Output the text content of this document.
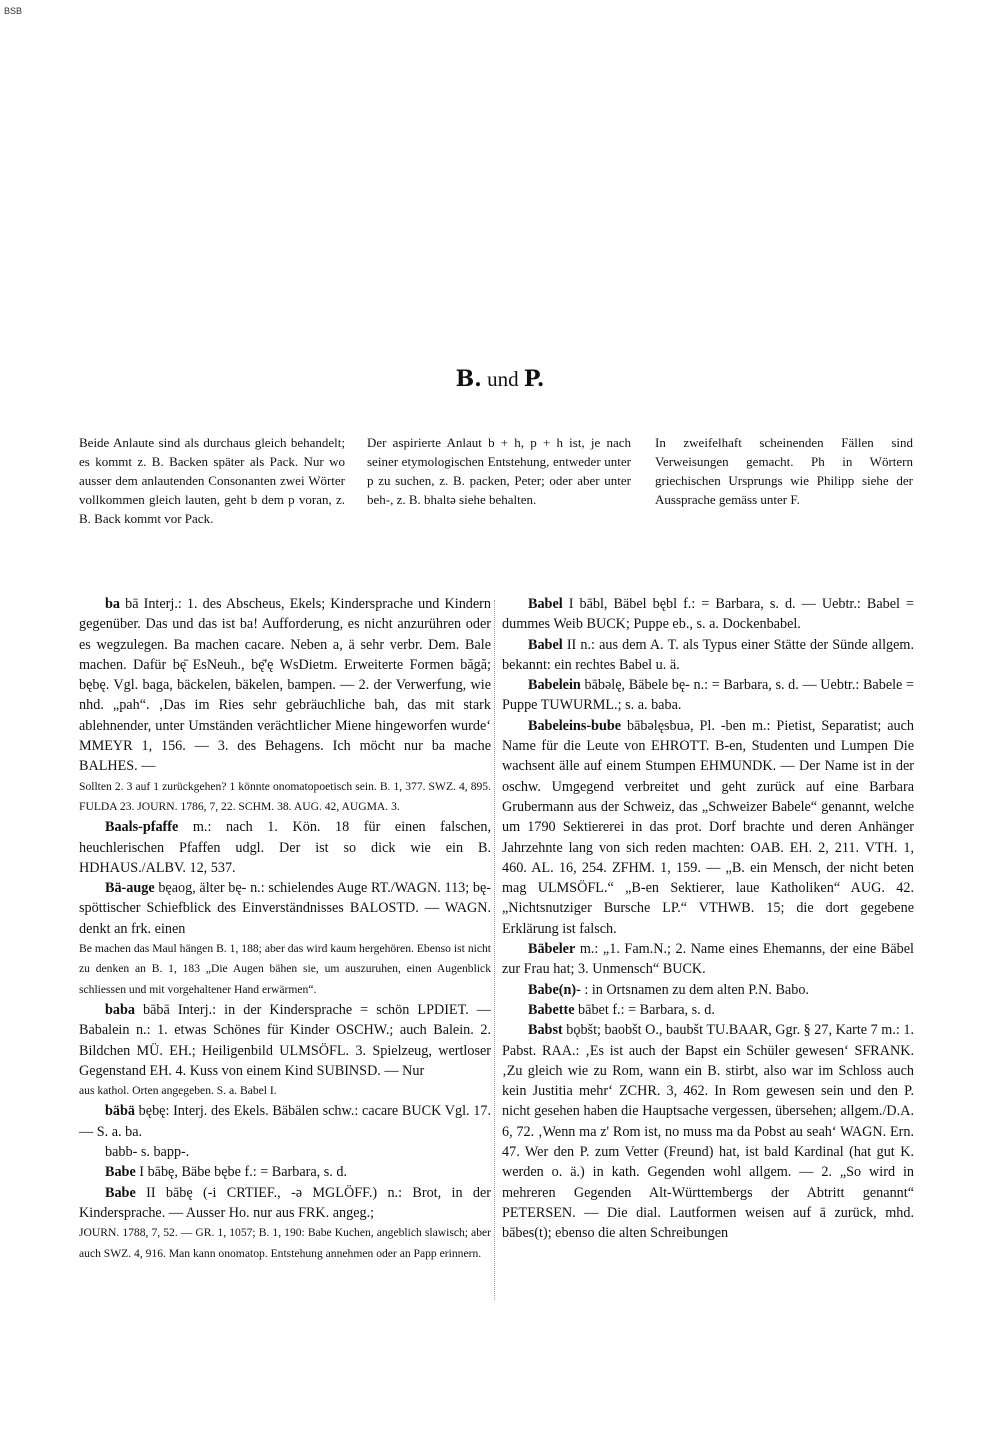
BSB
B. und P.

Beide Anlaute sind als durchaus gleich behandelt; es kommt z. B. Backen später als Pack. Nur wo ausser dem anlautenden Consonanten zwei Wörter vollkommen gleich lauten, geht b dem p voran, z. B. Back kommt vor Pack.

Der aspirierte Anlaut b + h, p + h ist, je nach seiner etymologischen Entstehung, entweder unter p zu suchen, z. B. packen, Peter; oder aber unter beh-, z. B. bhaltə siehe behalten.

In zweifelhaft scheinenden Fällen sind Verweisungen gemacht. Ph in Wörtern griechischen Ursprungs wie Philipp siehe der Aussprache gemäss unter F.

ba bā Interj.: 1. des Abscheus, Ekels; Kindersprache und Kindern gegenüber. Das und das ist ba! Aufforderung, es nicht anzurühren oder es wegzulegen. Ba machen cacare. Neben a, ä sehr verbr. Dem. Bale machen. Dafür bę̄ EsNeuh., bę̄'ę WsDietm. Erweiterte Formen băgă; bębę. Vgl. baga, bäckelen, bäkelen, bampen. — 2. der Verwerfung, wie nhd. „pah“. ‚Das im Ries sehr gebräuchliche bah, das mit stark ablehnender, unter Umständen verächtlicher Miene hingeworfen wurde‘ MMEYR 1, 156. — 3. des Behagens. Ich möcht nur ba mache BALHES. —

Sollten 2. 3 auf 1 zurückgehen? 1 könnte onomatopoetisch sein. B. 1, 377. SWZ. 4, 895. FULDA 23. JOURN. 1786, 7, 22. SCHM. 38. AUG. 42, AUGMA. 3.

Baals-pfaffe m.: nach 1. Kön. 18 für einen falschen, heuchlerischen Pfaffen udgl. Der ist so dick wie ein B. HDHAUS./ALBV. 12, 537.

Bä-auge bęaog, älter bę- n.: schielendes Auge RT./WAGN. 113; bę- spöttischer Schiefblick des Einverständnisses BALOSTD. — WAGN. denkt an frk. einen

Be machen das Maul hängen B. 1, 188; aber das wird kaum hergehören. Ebenso ist nicht zu denken an B. 1, 183 „Die Augen bähen sie, um auszuruhen, einen Augenblick schliessen und mit vorgehaltener Hand erwärmen“.

baba bābā Interj.: in der Kindersprache = schön LPDIET. — Babalein n.: 1. etwas Schönes für Kinder OSCHW.; auch Balein. 2. Bildchen MÜ. EH.; Heiligenbild ULMSÖFL. 3. Spielzeug, wertloser Gegenstand EH. 4. Kuss von einem Kind SUBINSD. — Nur

aus kathol. Orten angegeben. S. a. Babel I.

bäbä bębę: Interj. des Ekels. Bäbälen schw.: cacare BUCK Vgl. 17. — S. a. ba.

babb- s. bapp-.

Babe I bābę, Bäbe bębe f.: = Barbara, s. d.

Babe II bābę (-i CRTIEF., -ə MGLÖFF.) n.: Brot, in der Kindersprache. — Ausser Ho. nur aus FRK. angeg.;

JOURN. 1788, 7, 52. — GR. 1, 1057; B. 1, 190: Babe Kuchen, angeblich slawisch; aber auch SWZ. 4, 916. Man kann onomatop. Entstehung annehmen oder an Papp erinnern.

Babel I bābl, Bäbel bębl f.: = Barbara, s. d. — Uebtr.: Babel = dummes Weib BUCK; Puppe eb., s. a. Dockenbabel.

Babel II n.: aus dem A. T. als Typus einer Stätte der Sünde allgem. bekannt: ein rechtes Babel u. ä.

Babelein bābəlę, Bäbele bę- n.: = Barbara, s. d. — Uebtr.: Babele = Puppe TUWURML.; s. a. baba.

Babeleins-bube bābəlęsbuə, Pl. -ben m.: Pietist, Separatist; auch Name für die Leute von EHROTT. B-en, Studenten und Lumpen Die wachsent älle auf einem Stumpen EHMUNDK. — Der Name ist in der oschw. Umgegend verbreitet und geht zurück auf eine Barbara Grubermann aus der Schweiz, das „Schweizer Babele“ genannt, welche um 1790 Sektiererei in das prot. Dorf brachte und deren Anhänger Jahrzehnte lang von sich reden machten: OAB. EH. 2, 211. VTH. 1, 460. AL. 16, 254. ZFHM. 1, 159. — „B. ein Mensch, der nicht beten mag ULMSÖFL.“ „B-en Sektierer, laue Katholiken“ AUG. 42. „Nichtsnutziger Bursche LP.“ VTHWB. 15; die dort gegebene Erklärung ist falsch.

Bäbeler m.: „1. Fam.N.; 2. Name eines Ehemanns, der eine Bäbel zur Frau hat; 3. Unmensch“ BUCK.

Babe(n)- : in Ortsnamen zu dem alten P.N. Babo.

Babette bābet f.: = Barbara, s. d.

Babst bǫbšt; baobšt O., baubšt TU.BAAR, Ggr. § 27, Karte 7 m.: 1. Pabst. RAA.: ‚Es ist auch der Bapst ein Schüler gewesen‘ SFRANK. ‚Zu gleich wie zu Rom, wann ein B. stirbt, also war im Schloss auch kein Justitia mehr‘ ZCHR. 3, 462. In Rom gewesen sein und den P. nicht gesehen haben die Hauptsache vergessen, übersehen; allgem./D.A. 6, 72. ‚Wenn ma z' Rom ist, no muss ma da Pobst au seah‘ WAGN. Ern. 47. Wer den P. zum Vetter (Freund) hat, ist bald Kardinal (hat gut K. werden o. ä.) in kath. Gegenden wohl allgem. — 2. „So wird in mehreren Gegenden Alt-Württembergs der Abtritt genannt“ PETERSEN. — Die dial. Lautformen weisen auf ā zurück, mhd. bābes(t); ebenso die alten Schreibungen
